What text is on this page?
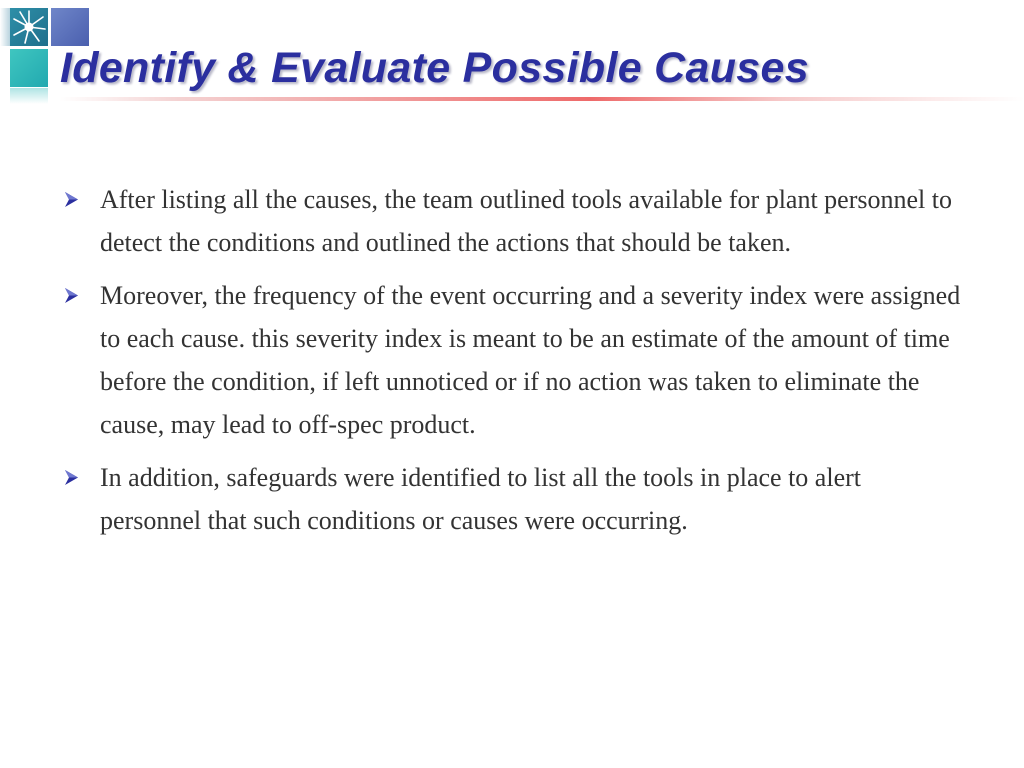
Identify & Evaluate Possible Causes
After listing all the causes, the team outlined tools available for plant personnel to detect the conditions and outlined the actions that should be taken.
Moreover, the frequency of the event occurring and a severity index were assigned to each cause. this severity index is meant to be an estimate of the amount of time before the condition, if left unnoticed or if no action was taken to eliminate the cause, may lead to off-spec product.
In addition, safeguards were identified to list all the tools in place to alert personnel that such conditions or causes were occurring.
